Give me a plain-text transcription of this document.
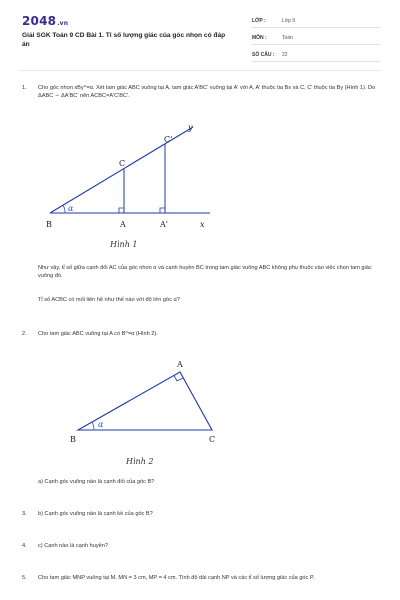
2048.vn
Giải SGK Toán 9 CD Bài 1. Tỉ số lượng giác của góc nhọn có đáp án
LỚP :	Lớp 9
MÔN :	Toán
SỐ CÂU :	22
1. Cho góc nhọn xBy^=α. Xét tam giác ABC vuông tại A, tam giác A'BC' vuông tại A' với A, A' thuộc tia Bx và C, C' thuộc tia By (Hình 1). Do ΔABC ∽ ΔA'BC' nên ACBC=A'C'BC'.
α
B	A	A'
C
C'
x
y
Hình 1
Như vậy, tỉ số giữa cạnh đối AC của góc nhọn α và cạnh huyền BC trong tam giác vuông ABC không phụ thuộc vào việc chọn tam giác vuông đó.
Tỉ số ACBC có mối liên hệ như thế nào với độ lớn góc α?
2. Cho tam giác ABC vuông tại A có B^=α (Hình 2).
α
A
B	C
Hình 2
a) Cạnh góc vuông nào là cạnh đối của góc B?
3. b) Cạnh góc vuông nào là cạnh kề của góc B?
4. c) Cạnh nào là cạnh huyền?
5. Cho tam giác MNP vuông tại M, MN = 3 cm, MP = 4 cm. Tính độ dài cạnh NP và các tỉ số lượng giác của góc P.
